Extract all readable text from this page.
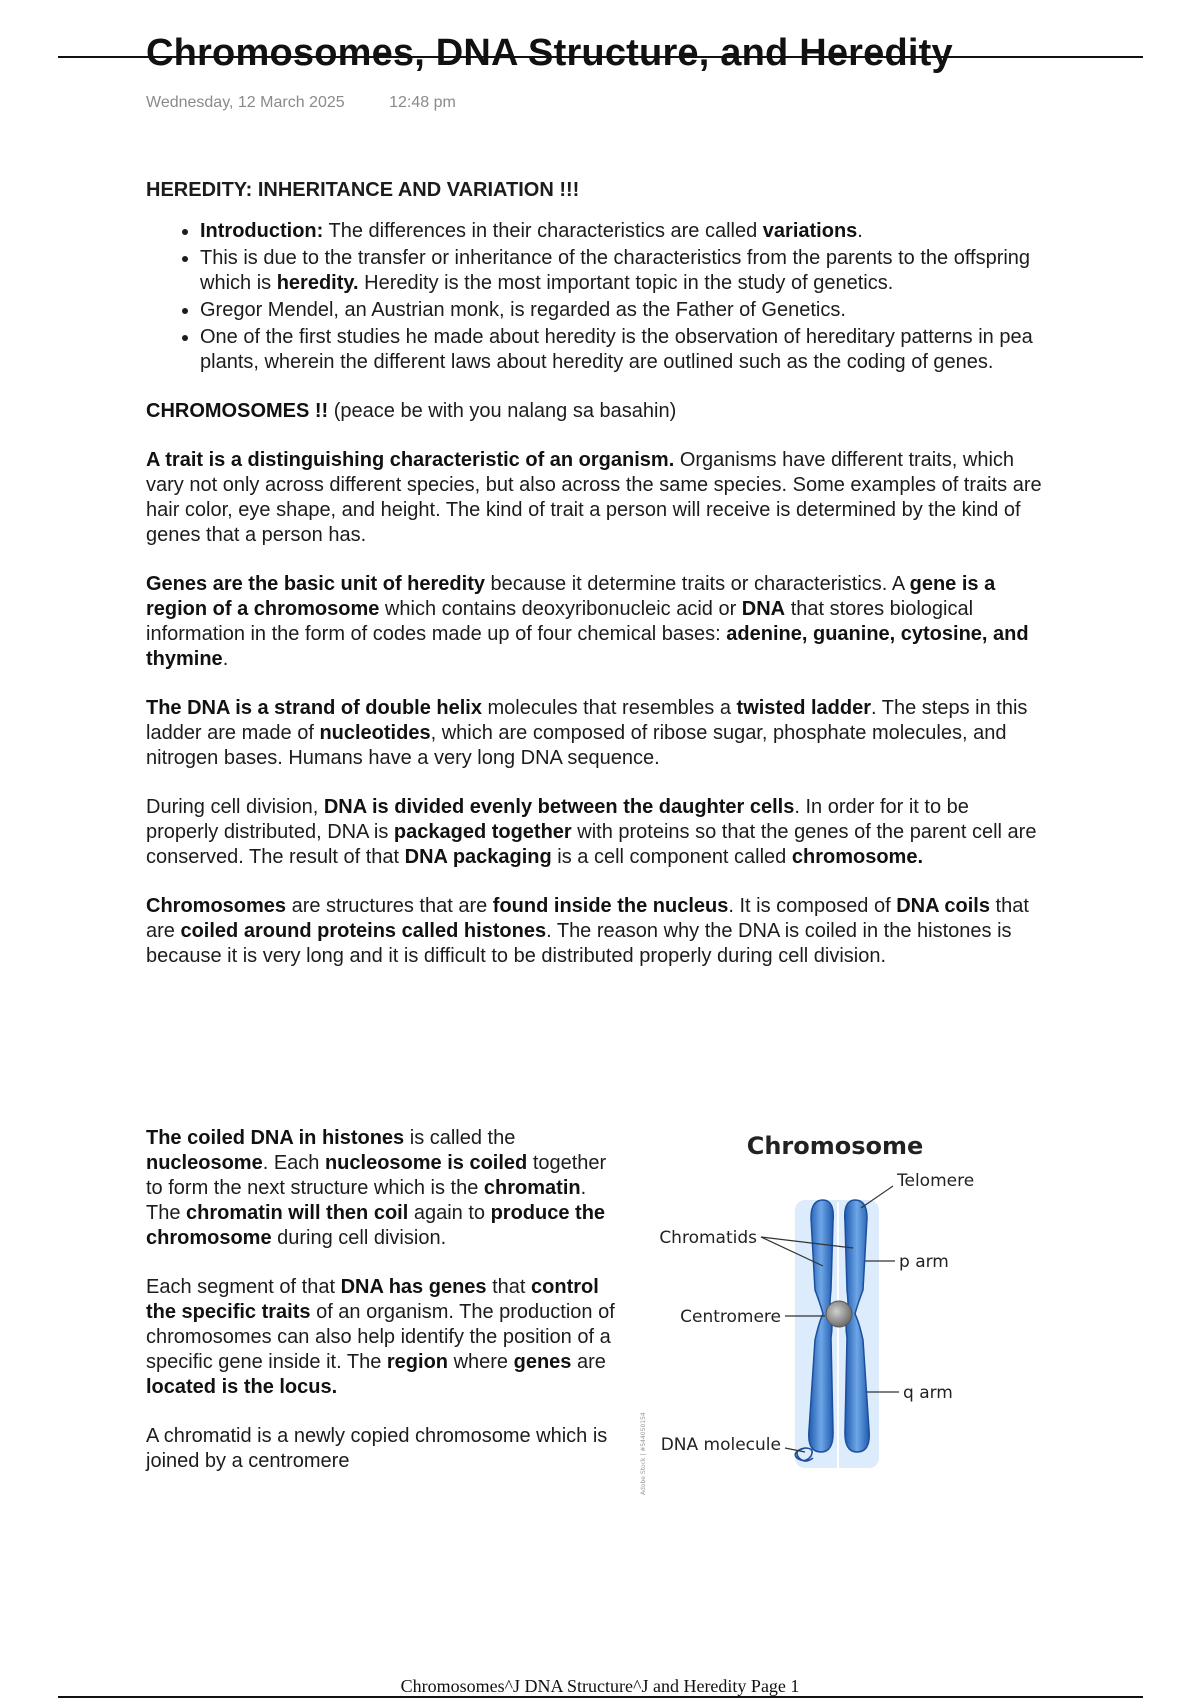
Chromosomes, DNA Structure, and Heredity
Wednesday, 12 March 2025	12:48 pm

HEREDITY: INHERITANCE AND VARIATION !!!

• Introduction: The differences in their characteristics are called variations.
• This is due to the transfer or inheritance of the characteristics from the parents to the offspring which is heredity. Heredity is the most important topic in the study of genetics.
• Gregor Mendel, an Austrian monk, is regarded as the Father of Genetics.
• One of the first studies he made about heredity is the observation of hereditary patterns in pea plants, wherein the different laws about heredity are outlined such as the coding of genes.

CHROMOSOMES !! (peace be with you nalang sa basahin)

A trait is a distinguishing characteristic of an organism. Organisms have different traits, which vary not only across different species, but also across the same species. Some examples of traits are hair color, eye shape, and height. The kind of trait a person will receive is determined by the kind of genes that a person has.

Genes are the basic unit of heredity because it determine traits or characteristics. A gene is a region of a chromosome which contains deoxyribonucleic acid or DNA that stores biological information in the form of codes made up of four chemical bases: adenine, guanine, cytosine, and thymine.

The DNA is a strand of double helix molecules that resembles a twisted ladder. The steps in this ladder are made of nucleotides, which are composed of ribose sugar, phosphate molecules, and nitrogen bases. Humans have a very long DNA sequence.

During cell division, DNA is divided evenly between the daughter cells. In order for it to be properly distributed, DNA is packaged together with proteins so that the genes of the parent cell are conserved. The result of that DNA packaging is a cell component called chromosome.

Chromosomes are structures that are found inside the nucleus. It is composed of DNA coils that are coiled around proteins called histones. The reason why the DNA is coiled in the histones is because it is very long and it is difficult to be distributed properly during cell division.

The coiled DNA in histones is called the nucleosome. Each nucleosome is coiled together to form the next structure which is the chromatin. The chromatin will then coil again to produce the chromosome during cell division.

Each segment of that DNA has genes that control the specific traits of an organism. The production of chromosomes can also help identify the position of a specific gene inside it. The region where genes are located is the locus.

A chromatid is a newly copied chromosome which is joined by a centromere

Chromosome
Telomere
Chromatids
p arm
Centromere
q arm
DNA molecule
Adobe Stock | #544050154
Chromosomes^J DNA Structure^J and Heredity Page 1
